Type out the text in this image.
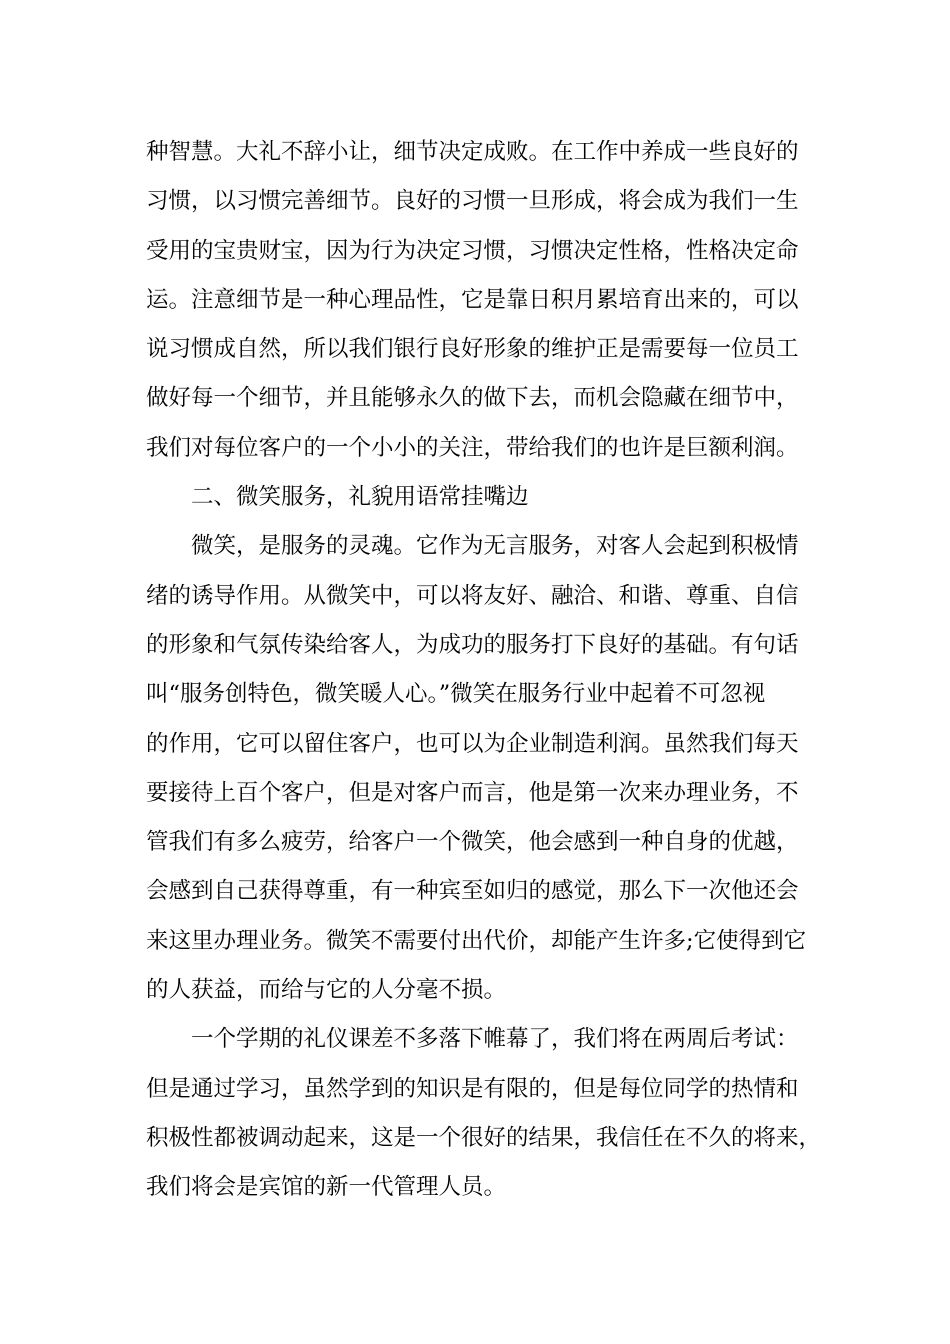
种智慧。大礼不辞小让，细节决定成败。在工作中养成一些良好的
习惯，以习惯完善细节。良好的习惯一旦形成，将会成为我们一生
受用的宝贵财宝，因为行为决定习惯，习惯决定性格，性格决定命
运。注意细节是一种心理品性，它是靠日积月累培育出来的，可以
说习惯成自然，所以我们银行良好形象的维护正是需要每一位员工
做好每一个细节，并且能够永久的做下去，而机会隐藏在细节中，
我们对每位客户的一个小小的关注，带给我们的也许是巨额利润。
二、微笑服务，礼貌用语常挂嘴边
微笑，是服务的灵魂。它作为无言服务，对客人会起到积极情
绪的诱导作用。从微笑中，可以将友好、融洽、和谐、尊重、自信
的形象和气氛传染给客人，为成功的服务打下良好的基础。有句话
叫“服务创特色，微笑暖人心。”微笑在服务行业中起着不可忽视
的作用，它可以留住客户，也可以为企业制造利润。虽然我们每天
要接待上百个客户，但是对客户而言，他是第一次来办理业务，不
管我们有多么疲劳，给客户一个微笑，他会感到一种自身的优越，
会感到自己获得尊重，有一种宾至如归的感觉，那么下一次他还会
来这里办理业务。微笑不需要付出代价，却能产生许多;它使得到它
的人获益，而给与它的人分毫不损。
一个学期的礼仪课差不多落下帷幕了，我们将在两周后考试：
但是通过学习，虽然学到的知识是有限的，但是每位同学的热情和
积极性都被调动起来，这是一个很好的结果，我信任在不久的将来，
我们将会是宾馆的新一代管理人员。
